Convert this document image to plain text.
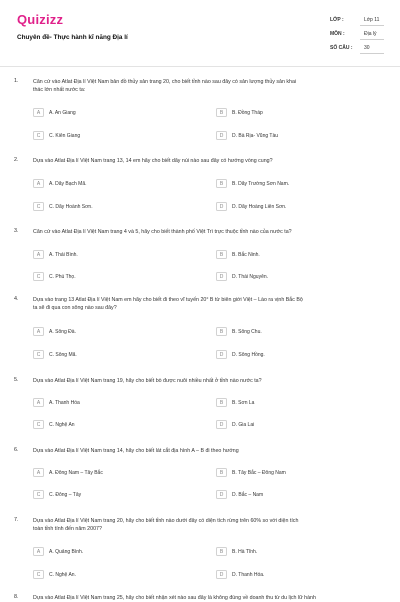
Quizizz
Chuyên đề- Thực hành kĩ năng Địa lí
LỚP :	Lớp 11
MÔN :	Địa lý
SỐ CÂU : 30
1.	Căn cứ vào Atlat Địa lí Việt Nam bản đồ thủy sản trang 20, cho biết tỉnh nào sau đây có sản lượng thủy sản khai
thác lớn nhất nước ta:
A	A. An Giang	B	B. Đồng Tháp
C	C. Kiên Giang	D	D. Bà Rịa- Vũng Tàu
2.	Dựa vào Atlat Địa lí Việt Nam trang 13, 14 em hãy cho biết dãy núi nào sau đây có hướng vòng cung?
A	A. Dãy Bạch Mã.	B	B. Dãy Trường Sơn Nam.
C	C. Dãy Hoành Sơn.	D	D. Dãy Hoàng Liên Sơn.
3.	Căn cứ vào Atlat Địa lí Việt Nam trang 4 và 5, hãy cho biết thành phố Việt Trì trực thuộc tỉnh nào của nước ta?
A	A. Thái Bình.	B	B. Bắc Ninh.
C	C. Phú Thọ.	D	D. Thái Nguyên.
4.	Dựa vào trang 13 Atlat Địa lí Việt Nam em hãy cho biết đi theo vĩ tuyến 20° B từ biên giới Việt – Lào ra vịnh Bắc Bộ
ta sẽ đi qua con sông nào sau đây?
A	A. Sông Đà.	B	B. Sông Chu.
C	C. Sông Mã.	D	D. Sông Hồng.
5.	Dựa vào Atlat Địa lí Việt Nam trang 19, hãy cho biết bò được nuôi nhiều nhất ở tỉnh nào nước ta?
A	A. Thanh Hóa	B	B. Sơn La
C	C. Nghệ An	D	D. Gia Lai
6.	Dựa vào Atlat Địa lí Việt Nam trang 14, hãy cho biết lát cắt địa hình A – B đi theo hướng
A	A. Đông Nam – Tây Bắc	B	B. Tây Bắc – Đông Nam
C	C. Đông – Tây	D	D. Bắc – Nam
7.	Dựa vào Atlat Địa lí Việt Nam trang 20, hãy cho biết tỉnh nào dưới đây có diện tích rừng trên 60% so với diện tích
toàn tỉnh tính đến năm 2007?
A	A. Quảng Bình.	B	B. Hà Tĩnh.
C	C. Nghệ An.	D	D. Thanh Hóa.
8.	Dựa vào Atlat Địa lí Việt Nam trang 25, hãy cho biết nhận xét nào sau đây là không đúng về doanh thu từ du lịch lữ hành
